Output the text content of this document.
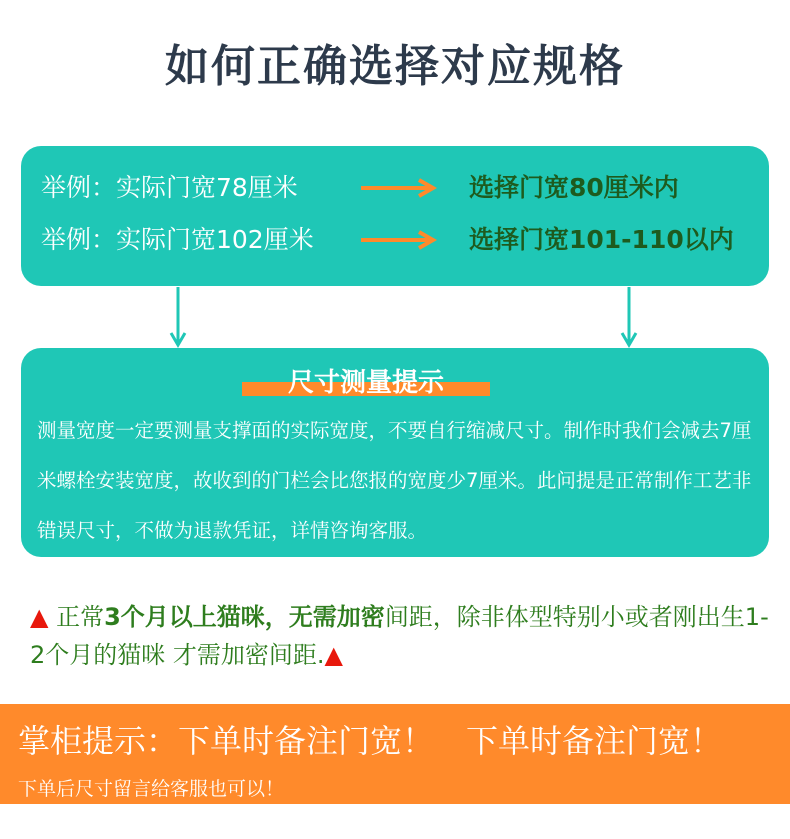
如何正确选择对应规格
举例：实际门宽78厘米	选择门宽80厘米内
举例：实际门宽102厘米	选择门宽101-110以内
尺寸测量提示
测量宽度一定要测量支撑面的实际宽度，不要自行缩减尺寸。制作时我们会减去7厘米螺栓安装宽度，故收到的门栏会比您报的宽度少7厘米。此问提是正常制作工艺非错误尺寸，不做为退款凭证，详情咨询客服。
▲ 正常3个月以上猫咪，无需加密间距，除非体型特别小或者刚出生1-2个月的猫咪 才需加密间距.▲
掌柜提示：下单时备注门宽！ 下单时备注门宽！
下单后尺寸留言给客服也可以！
